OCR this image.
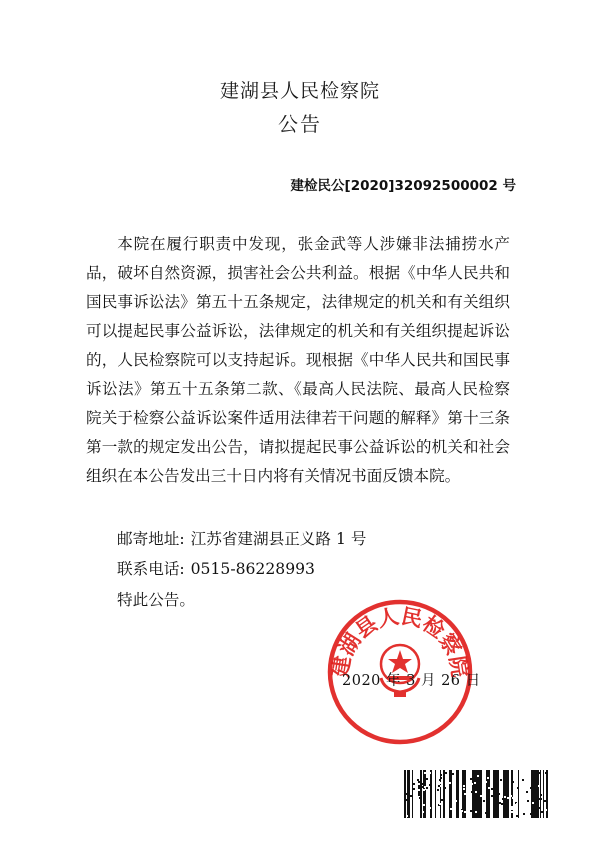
建湖县人民检察院
公告
建检民公[2020]32092500002 号

本院在履行职责中发现，张金武等人涉嫌非法捕捞水产品，破坏自然资源，损害社会公共利益。根据《中华人民共和国民事诉讼法》第五十五条规定，法律规定的机关和有关组织可以提起民事公益诉讼，法律规定的机关和有关组织提起诉讼的，人民检察院可以支持起诉。现根据《中华人民共和国民事诉讼法》第五十五条第二款、《最高人民法院、最高人民检察院关于检察公益诉讼案件适用法律若干问题的解释》第十三条第一款的规定发出公告，请拟提起民事公益诉讼的机关和社会组织在本公告发出三十日内将有关情况书面反馈本院。

邮寄地址: 江苏省建湖县正义路 1 号

联系电话: 0515-86228993

特此公告。

建湖县人民检察院
2020 年 3 月 26 日
